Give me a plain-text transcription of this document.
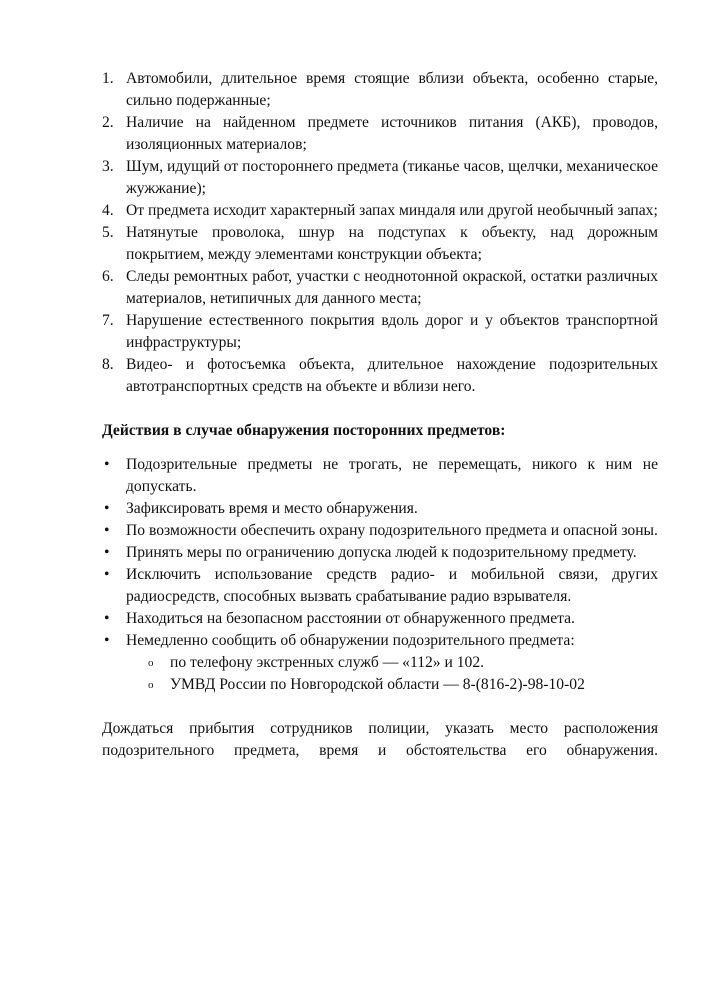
1. Автомобили, длительное время стоящие вблизи объекта, особенно старые, сильно подержанные;
2. Наличие на найденном предмете источников питания (АКБ), проводов, изоляционных материалов;
3. Шум, идущий от постороннего предмета (тиканье часов, щелчки, механическое жужжание);
4. От предмета исходит характерный запах миндаля или другой необычный запах;
5. Натянутые проволока, шнур на подступах к объекту, над дорожным покрытием, между элементами конструкции объекта;
6. Следы ремонтных работ, участки с неоднотонной окраской, остатки различных материалов, нетипичных для данного места;
7. Нарушение естественного покрытия вдоль дорог и у объектов транспортной инфраструктуры;
8. Видео- и фотосъемка объекта, длительное нахождение подозрительных автотранспортных средств на объекте и вблизи него.
Действия в случае обнаружения посторонних предметов:
• Подозрительные предметы не трогать, не перемещать, никого к ним не допускать.
• Зафиксировать время и место обнаружения.
• По возможности обеспечить охрану подозрительного предмета и опасной зоны.
• Принять меры по ограничению допуска людей к подозрительному предмету.
• Исключить использование средств радио- и мобильной связи, других радиосредств, способных вызвать срабатывание радио взрывателя.
• Находиться на безопасном расстоянии от обнаруженного предмета.
• Немедленно сообщить об обнаружении подозрительного предмета:
o по телефону экстренных служб — «112» и 102.
o УМВД России по Новгородской области — 8-(816-2)-98-10-02
Дождаться прибытия сотрудников полиции, указать место расположения подозрительного предмета, время и обстоятельства его обнаружения.
